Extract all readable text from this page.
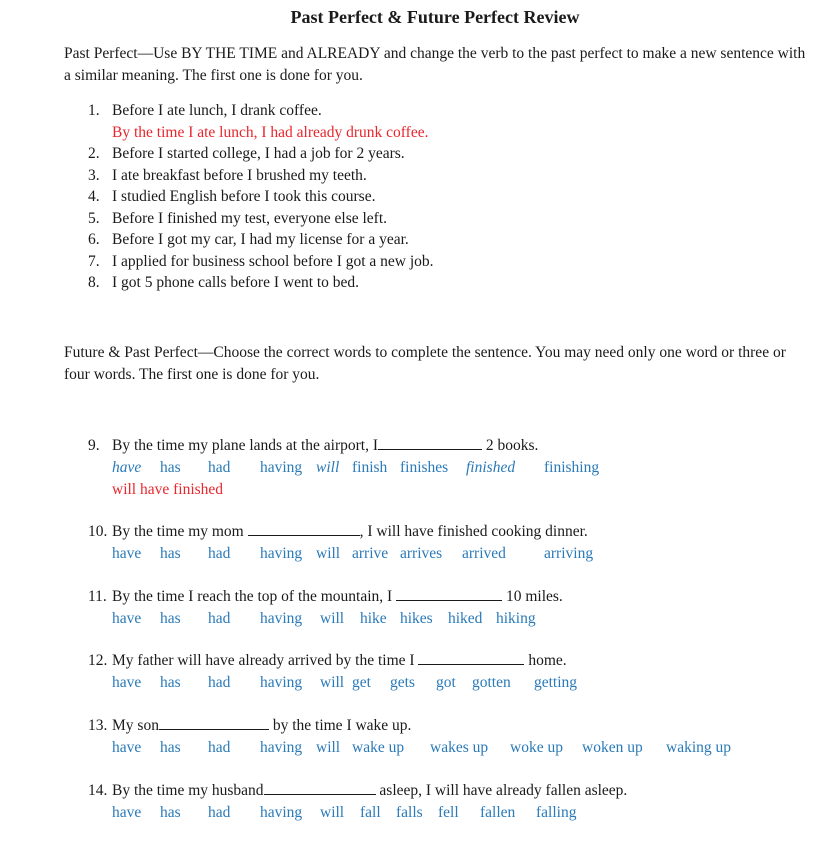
Past Perfect & Future Perfect Review
Past Perfect—Use BY THE TIME and ALREADY and change the verb to the past perfect to make a new sentence with a similar meaning. The first one is done for you.
1. Before I ate lunch, I drank coffee.
By the time I ate lunch, I had already drunk coffee.
2. Before I started college, I had a job for 2 years.
3. I ate breakfast before I brushed my teeth.
4. I studied English before I took this course.
5. Before I finished my test, everyone else left.
6. Before I got my car, I had my license for a year.
7. I applied for business school before I got a new job.
8. I got 5 phone calls before I went to bed.
Future & Past Perfect—Choose the correct words to complete the sentence. You may need only one word or three or four words. The first one is done for you.
9. By the time my plane lands at the airport, I	2 books.
have has had having will finish finishes finished finishing
will have finished
10. By the time my mom	, I will have finished cooking dinner.
have has had having will arrive arrives arrived arriving
11. By the time I reach the top of the mountain, I	10 miles.
have has had having will hike hikes hiked hiking
12. My father will have already arrived by the time I	home.
have has had having will get gets got gotten getting
13. My son	by the time I wake up.
have has had having will wake up wakes up woke up woken up waking up
14. By the time my husband	asleep, I will have already fallen asleep.
have has had having will fall falls fell fallen falling
